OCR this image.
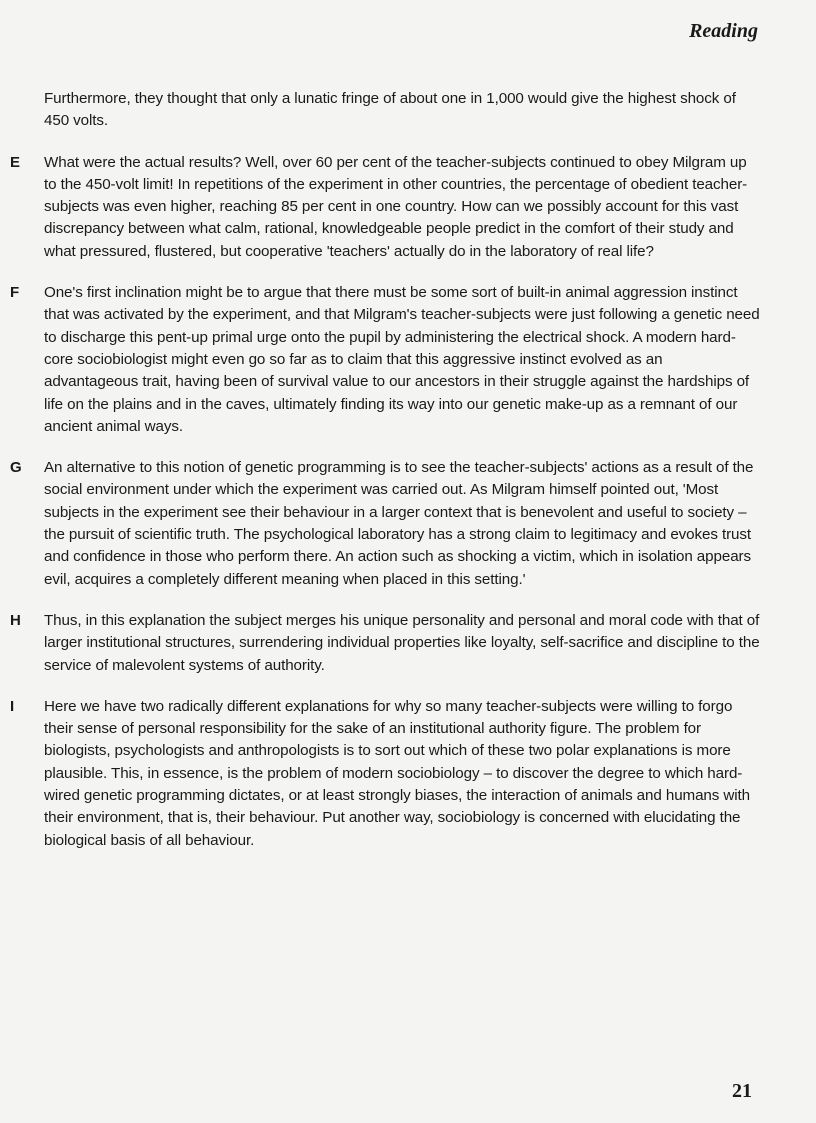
Reading
Furthermore, they thought that only a lunatic fringe of about one in 1,000 would give the highest shock of 450 volts.
E What were the actual results? Well, over 60 per cent of the teacher-subjects continued to obey Milgram up to the 450-volt limit! In repetitions of the experiment in other countries, the percentage of obedient teacher-subjects was even higher, reaching 85 per cent in one country. How can we possibly account for this vast discrepancy between what calm, rational, knowledgeable people predict in the comfort of their study and what pressured, flustered, but cooperative 'teachers' actually do in the laboratory of real life?
F One's first inclination might be to argue that there must be some sort of built-in animal aggression instinct that was activated by the experiment, and that Milgram's teacher-subjects were just following a genetic need to discharge this pent-up primal urge onto the pupil by administering the electrical shock. A modern hard-core sociobiologist might even go so far as to claim that this aggressive instinct evolved as an advantageous trait, having been of survival value to our ancestors in their struggle against the hardships of life on the plains and in the caves, ultimately finding its way into our genetic make-up as a remnant of our ancient animal ways.
G An alternative to this notion of genetic programming is to see the teacher-subjects' actions as a result of the social environment under which the experiment was carried out. As Milgram himself pointed out, 'Most subjects in the experiment see their behaviour in a larger context that is benevolent and useful to society – the pursuit of scientific truth. The psychological laboratory has a strong claim to legitimacy and evokes trust and confidence in those who perform there. An action such as shocking a victim, which in isolation appears evil, acquires a completely different meaning when placed in this setting.'
H Thus, in this explanation the subject merges his unique personality and personal and moral code with that of larger institutional structures, surrendering individual properties like loyalty, self-sacrifice and discipline to the service of malevolent systems of authority.
I Here we have two radically different explanations for why so many teacher-subjects were willing to forgo their sense of personal responsibility for the sake of an institutional authority figure. The problem for biologists, psychologists and anthropologists is to sort out which of these two polar explanations is more plausible. This, in essence, is the problem of modern sociobiology – to discover the degree to which hard-wired genetic programming dictates, or at least strongly biases, the interaction of animals and humans with their environment, that is, their behaviour. Put another way, sociobiology is concerned with elucidating the biological basis of all behaviour.
21
